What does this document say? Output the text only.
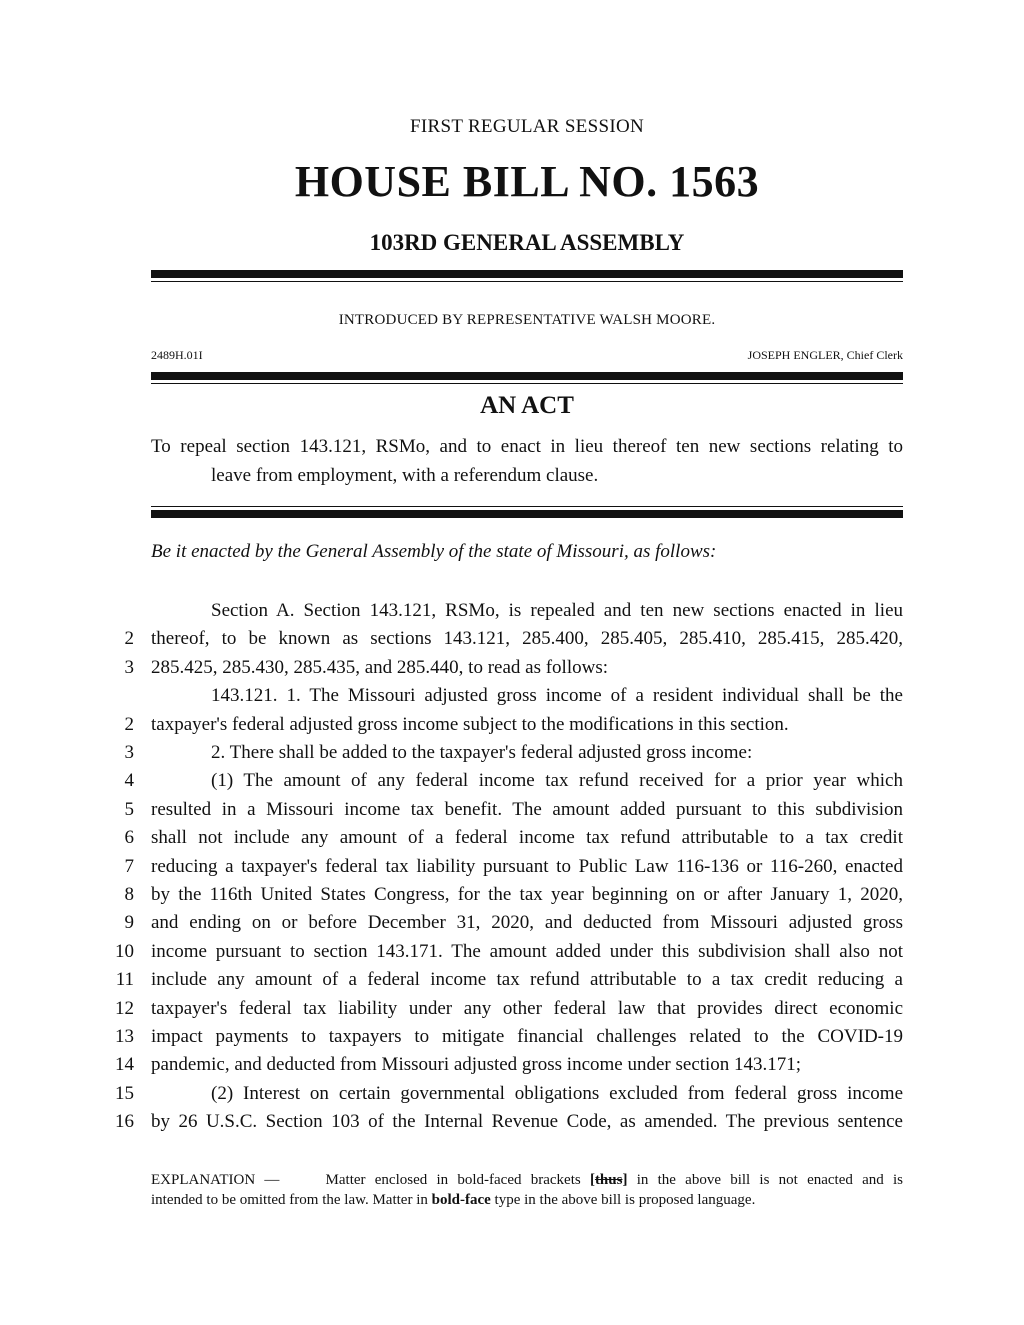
FIRST REGULAR SESSION
HOUSE BILL NO. 1563
103RD GENERAL ASSEMBLY
INTRODUCED BY REPRESENTATIVE WALSH MOORE.
2489H.01I	JOSEPH ENGLER, Chief Clerk
AN ACT
To repeal section 143.121, RSMo, and to enact in lieu thereof ten new sections relating to
leave from employment, with a referendum clause.
Be it enacted by the General Assembly of the state of Missouri, as follows:
Section A. Section 143.121, RSMo, is repealed and ten new sections enacted in lieu
2 thereof, to be known as sections 143.121, 285.400, 285.405, 285.410, 285.415, 285.420,
3 285.425, 285.430, 285.435, and 285.440, to read as follows:
143.121. 1. The Missouri adjusted gross income of a resident individual shall be the
2 taxpayer's federal adjusted gross income subject to the modifications in this section.
3	2. There shall be added to the taxpayer's federal adjusted gross income:
4	(1) The amount of any federal income tax refund received for a prior year which
5 resulted in a Missouri income tax benefit. The amount added pursuant to this subdivision
6 shall not include any amount of a federal income tax refund attributable to a tax credit
7 reducing a taxpayer's federal tax liability pursuant to Public Law 116-136 or 116-260, enacted
8 by the 116th United States Congress, for the tax year beginning on or after January 1, 2020,
9 and ending on or before December 31, 2020, and deducted from Missouri adjusted gross
10 income pursuant to section 143.171. The amount added under this subdivision shall also not
11 include any amount of a federal income tax refund attributable to a tax credit reducing a
12 taxpayer's federal tax liability under any other federal law that provides direct economic
13 impact payments to taxpayers to mitigate financial challenges related to the COVID-19
14 pandemic, and deducted from Missouri adjusted gross income under section 143.171;
15	(2) Interest on certain governmental obligations excluded from federal gross income
16 by 26 U.S.C. Section 103 of the Internal Revenue Code, as amended. The previous sentence
EXPLANATION —	Matter enclosed in bold-faced brackets [thus] in the above bill is not enacted and is
intended to be omitted from the law. Matter in bold-face type in the above bill is proposed language.
